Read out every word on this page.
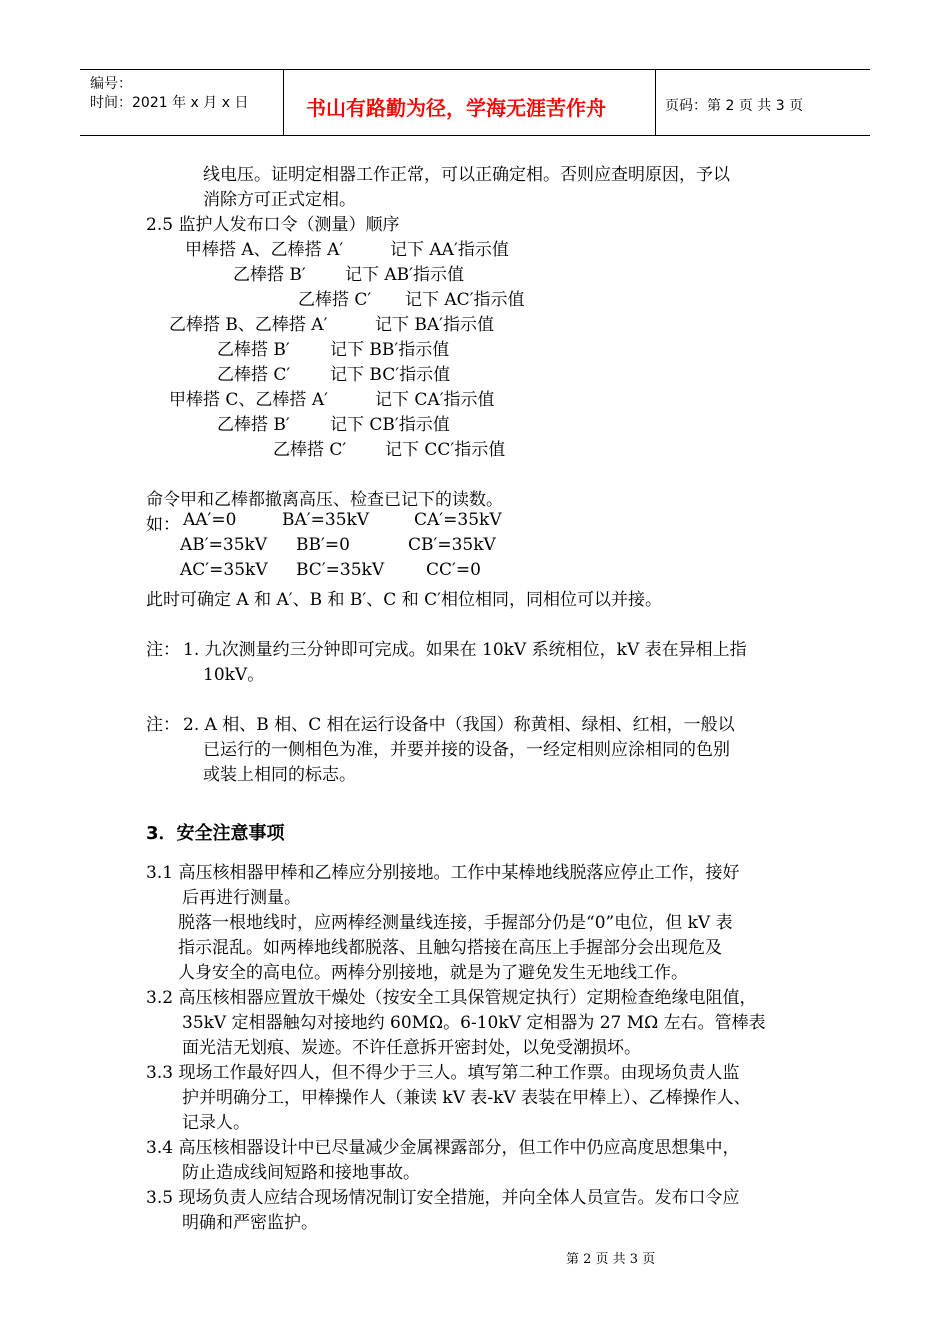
编号：
时间：2021 年 x 月 x 日	书山有路勤为径，学海无涯苦作舟	页码：第 2 页 共 3 页
线电压。证明定相器工作正常，可以正确定相。否则应查明原因，予以
消除方可正式定相。
2.5 监护人发布口令（测量）顺序
甲棒搭 A、乙棒搭 A′	记下 AA′指示值
乙棒搭 B′ 记下 AB′指示值
乙棒搭 C′ 记下 AC′指示值
乙棒搭 B、乙棒搭 A′	记下 BA′指示值
乙棒搭 B′ 记下 BB′指示值
乙棒搭 C′ 记下 BC′指示值
甲棒搭 C、乙棒搭 A′	记下 CA′指示值
乙棒搭 B′ 记下 CB′指示值
乙棒搭 C′ 记下 CC′指示值
命令甲和乙棒都撤离高压、检查已记下的读数。
如： AA′=0	BA′=35kV	CA′=35kV
AB′=35kV BB′=0	CB′=35kV
AC′=35kV BC′=35kV CC′=0
此时可确定 A 和 A′、B 和 B′、C 和 C′相位相同，同相位可以并接。
注： 1. 九次测量约三分钟即可完成。如果在 10kV 系统相位，kV 表在异相上指
10kV。
注： 2. A 相、B 相、C 相在运行设备中（我国）称黄相、绿相、红相，一般以
已运行的一侧相色为准，并要并接的设备，一经定相则应涂相同的色别
或装上相同的标志。
3．安全注意事项
3.1 高压核相器甲棒和乙棒应分别接地。工作中某棒地线脱落应停止工作，接好
后再进行测量。
脱落一根地线时，应两棒经测量线连接，手握部分仍是“0”电位，但 kV 表
指示混乱。如两棒地线都脱落、且触勾搭接在高压上手握部分会出现危及
人身安全的高电位。两棒分别接地，就是为了避免发生无地线工作。
3.2 高压核相器应置放干燥处（按安全工具保管规定执行）定期检查绝缘电阻值，
35kV 定相器触勾对接地约 60MΩ。6-10kV 定相器为 27 MΩ 左右。管棒表
面光洁无划痕、炭迹。不许任意拆开密封处，以免受潮损坏。
3.3 现场工作最好四人，但不得少于三人。填写第二种工作票。由现场负责人监
护并明确分工，甲棒操作人（兼读 kV 表-kV 表装在甲棒上）、乙棒操作人、
记录人。
3.4 高压核相器设计中已尽量减少金属裸露部分，但工作中仍应高度思想集中，
防止造成线间短路和接地事故。
3.5 现场负责人应结合现场情况制订安全措施，并向全体人员宣告。发布口令应
明确和严密监护。
第 2 页 共 3 页
